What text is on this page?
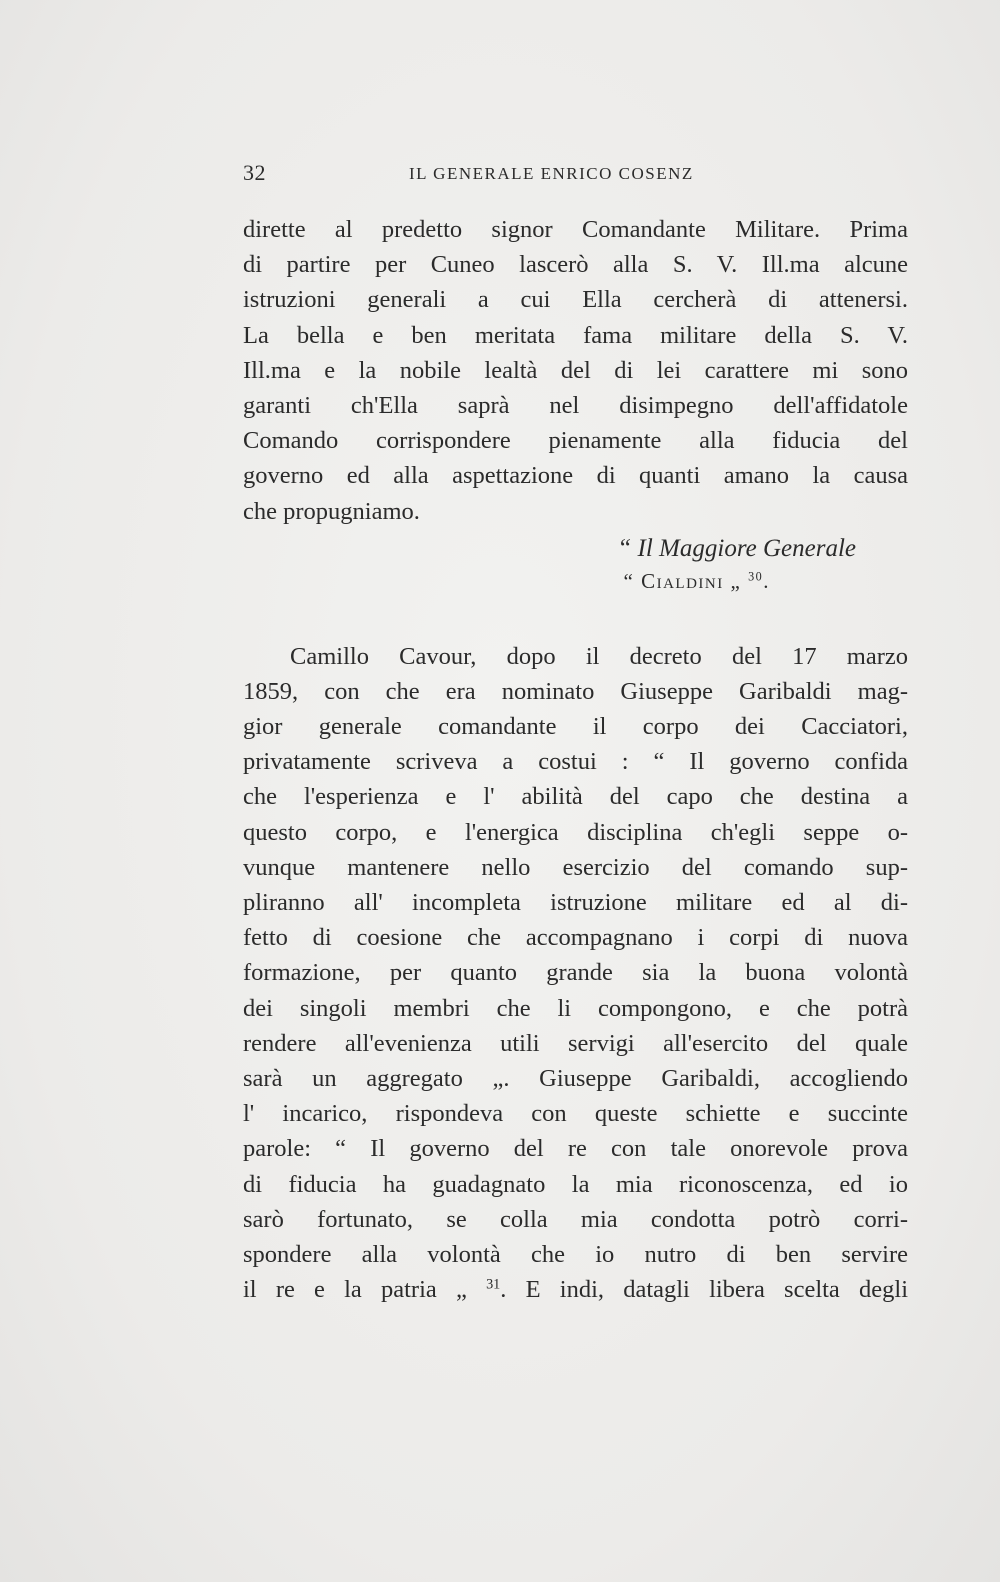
32	IL GENERALE ENRICO COSENZ
dirette al predetto signor Comandante Militare. Prima
di partire per Cuneo lascerò alla S. V. Ill.ma alcune
istruzioni generali a cui Ella cercherà di attenersi.
La bella e ben meritata fama militare della S. V.
Ill.ma e la nobile lealtà del di lei carattere mi sono
garanti ch'Ella saprà nel disimpegno dell'affidatole
Comando corrispondere pienamente alla fiducia del
governo ed alla aspettazione di quanti amano la causa
che propugniamo.
“ Il Maggiore Generale
“ Cialdini „ $^{30}$.
Camillo Cavour, dopo il decreto del 17 marzo
1859, con che era nominato Giuseppe Garibaldi mag-
gior generale comandante il corpo dei Cacciatori,
privatamente scriveva a costui : “ Il governo confida
che l'esperienza e l' abilità del capo che destina a
questo corpo, e l'energica disciplina ch'egli seppe o-
vunque mantenere nello esercizio del comando sup-
pliranno all' incompleta istruzione militare ed al di-
fetto di coesione che accompagnano i corpi di nuova
formazione, per quanto grande sia la buona volontà
dei singoli membri che li compongono, e che potrà
rendere all'evenienza utili servigi all'esercito del quale
sarà un aggregato „. Giuseppe Garibaldi, accogliendo
l' incarico, rispondeva con queste schiette e succinte
parole: “ Il governo del re con tale onorevole prova
di fiducia ha guadagnato la mia riconoscenza, ed io
sarò fortunato, se colla mia condotta potrò corri-
spondere alla volontà che io nutro di ben servire
il re e la patria „ $^{31}$. E indi, datagli libera scelta degli
